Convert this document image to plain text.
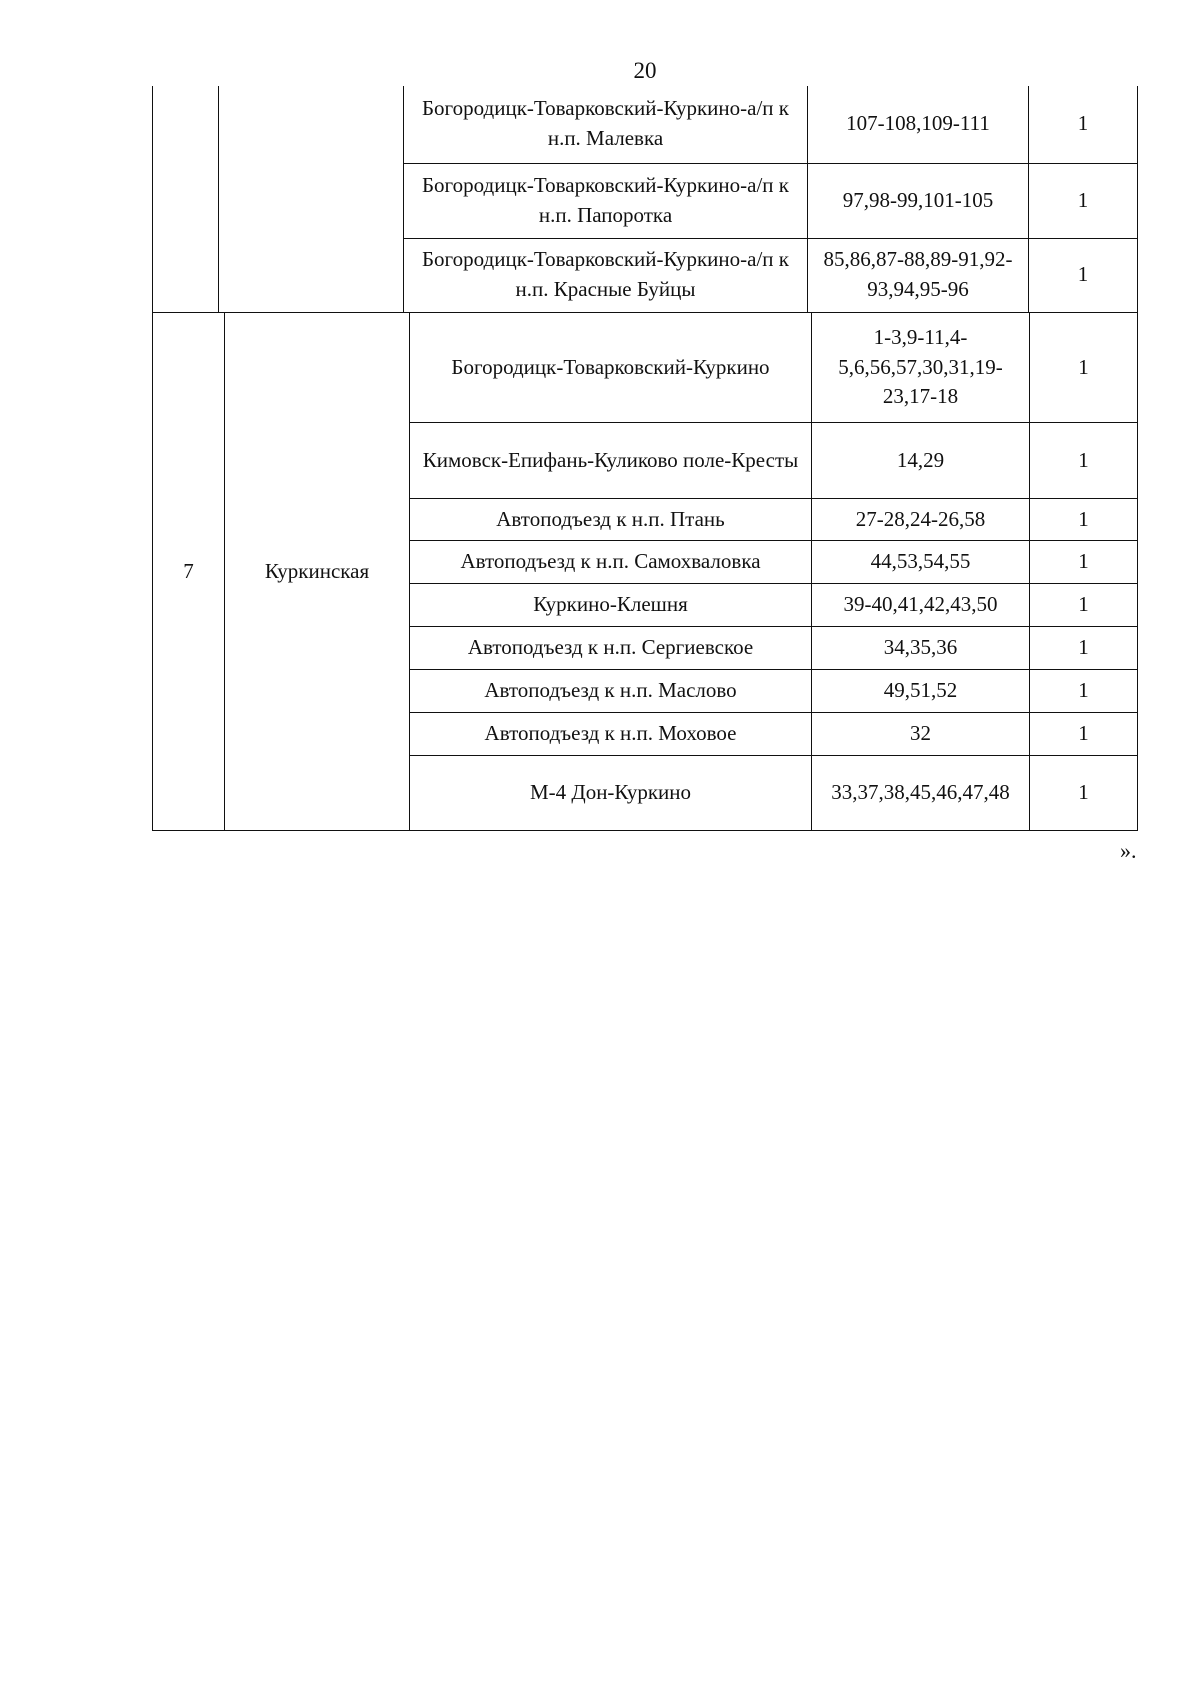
20
		Богородицк-Товарковский-Куркино-а/п к н.п. Малевка	107-108,109-111	1
		Богородицк-Товарковский-Куркино-а/п к н.п. Папоротка	97,98-99,101-105	1
		Богородицк-Товарковский-Куркино-а/п к н.п. Красные Буйцы	85,86,87-88,89-91,92-93,94,95-96	1
7	Куркинская	Богородицк-Товарковский-Куркино	1-3,9-11,4-5,6,56,57,30,31,19-23,17-18	1
		Кимовск-Епифань-Куликово поле-Кресты	14,29	1
		Автоподъезд к н.п. Птань	27-28,24-26,58	1
		Автоподъезд к н.п. Самохваловка	44,53,54,55	1
		Куркино-Клешня	39-40,41,42,43,50	1
		Автоподъезд к н.п. Сергиевское	34,35,36	1
		Автоподъезд к н.п. Маслово	49,51,52	1
		Автоподъезд к н.п. Моховое	32	1
		М-4 Дон-Куркино	33,37,38,45,46,47,48	1
».
